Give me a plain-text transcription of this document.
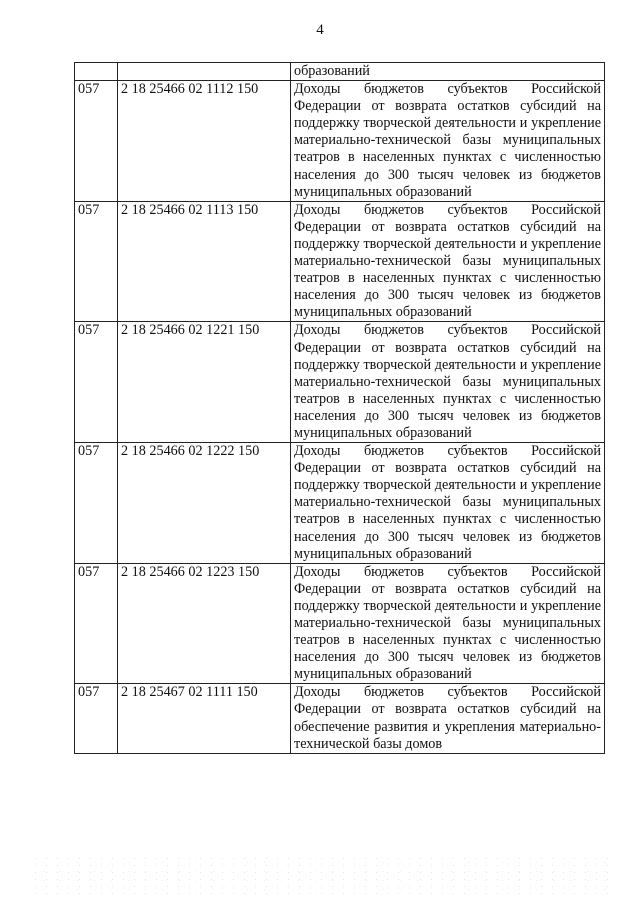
4
		образований
057	2 18 25466 02 1112 150	Доходы бюджетов субъектов Российской Федерации от возврата остатков субсидий на поддержку творческой деятельности и укрепление материально-технической базы муниципальных театров в населенных пунктах с численностью населения до 300 тысяч человек из бюджетов муниципальных образований
057	2 18 25466 02 1113 150	Доходы бюджетов субъектов Российской Федерации от возврата остатков субсидий на поддержку творческой деятельности и укрепление материально-технической базы муниципальных театров в населенных пунктах с численностью населения до 300 тысяч человек из бюджетов муниципальных образований
057	2 18 25466 02 1221 150	Доходы бюджетов субъектов Российской Федерации от возврата остатков субсидий на поддержку творческой деятельности и укрепление материально-технической базы муниципальных театров в населенных пунктах с численностью населения до 300 тысяч человек из бюджетов муниципальных образований
057	2 18 25466 02 1222 150	Доходы бюджетов субъектов Российской Федерации от возврата остатков субсидий на поддержку творческой деятельности и укрепление материально-технической базы муниципальных театров в населенных пунктах с численностью населения до 300 тысяч человек из бюджетов муниципальных образований
057	2 18 25466 02 1223 150	Доходы бюджетов субъектов Российской Федерации от возврата остатков субсидий на поддержку творческой деятельности и укрепление материально-технической базы муниципальных театров в населенных пунктах с численностью населения до 300 тысяч человек из бюджетов муниципальных образований
057	2 18 25467 02 1111 150	Доходы бюджетов субъектов Российской Федерации от возврата остатков субсидий на обеспечение развития и укрепления материально-технической базы домов
